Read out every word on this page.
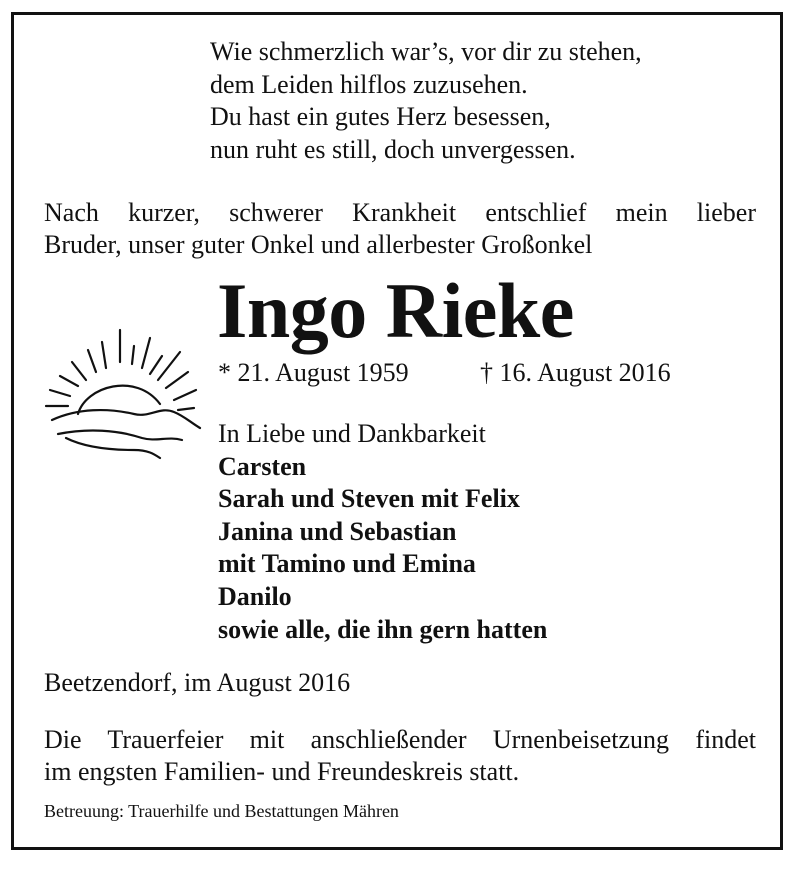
Wie schmerzlich war’s, vor dir zu stehen,
dem Leiden hilflos zuzusehen.
Du hast ein gutes Herz besessen,
nun ruht es still, doch unvergessen.
Nach kurzer, schwerer Krankheit entschlief mein lieber
Bruder, unser guter Onkel und allerbester Großonkel
Ingo Rieke
* 21. August 1959	† 16. August 2016
In Liebe und Dankbarkeit
Carsten
Sarah und Steven mit Felix
Janina und Sebastian
mit Tamino und Emina
Danilo
sowie alle, die ihn gern hatten
Beetzendorf, im August 2016
Die Trauerfeier mit anschließender Urnenbeisetzung findet
im engsten Familien- und Freundeskreis statt.
Betreuung: Trauerhilfe und Bestattungen Mähren
